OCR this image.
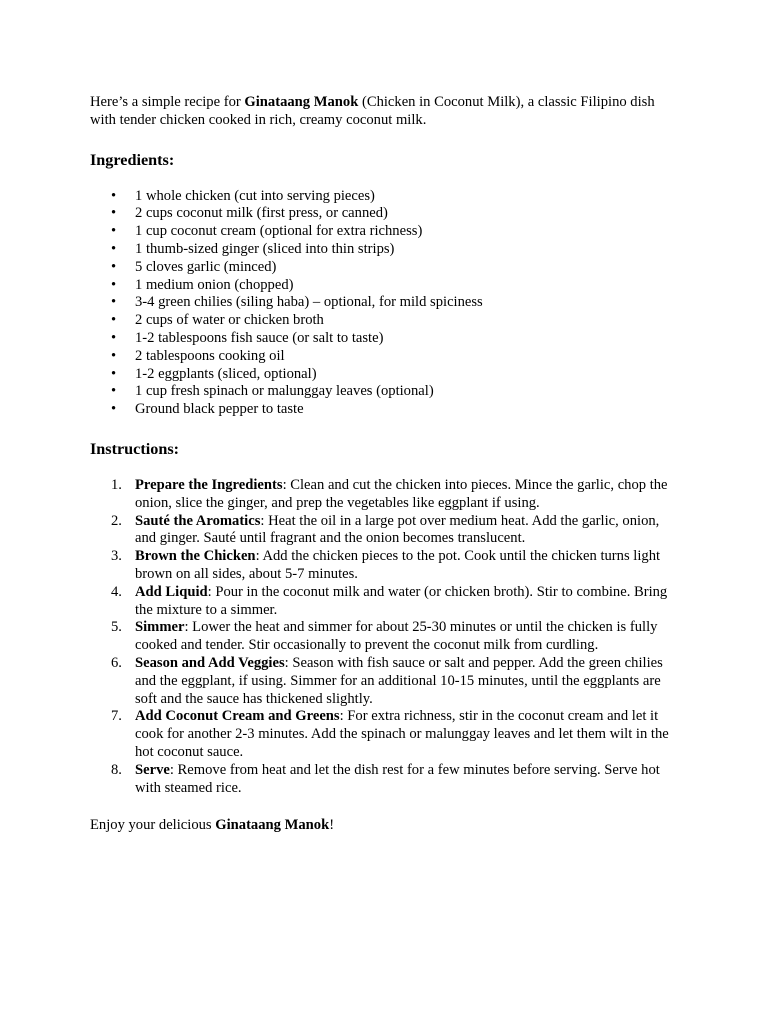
Here’s a simple recipe for Ginataang Manok (Chicken in Coconut Milk), a classic Filipino dish with tender chicken cooked in rich, creamy coconut milk.

Ingredients:
• 1 whole chicken (cut into serving pieces)
• 2 cups coconut milk (first press, or canned)
• 1 cup coconut cream (optional for extra richness)
• 1 thumb-sized ginger (sliced into thin strips)
• 5 cloves garlic (minced)
• 1 medium onion (chopped)
• 3-4 green chilies (siling haba) – optional, for mild spiciness
• 2 cups of water or chicken broth
• 1-2 tablespoons fish sauce (or salt to taste)
• 2 tablespoons cooking oil
• 1-2 eggplants (sliced, optional)
• 1 cup fresh spinach or malunggay leaves (optional)
• Ground black pepper to taste
Instructions:
1. Prepare the Ingredients: Clean and cut the chicken into pieces. Mince the garlic, chop the onion, slice the ginger, and prep the vegetables like eggplant if using.
2. Sauté the Aromatics: Heat the oil in a large pot over medium heat. Add the garlic, onion, and ginger. Sauté until fragrant and the onion becomes translucent.
3. Brown the Chicken: Add the chicken pieces to the pot. Cook until the chicken turns light brown on all sides, about 5-7 minutes.
4. Add Liquid: Pour in the coconut milk and water (or chicken broth). Stir to combine. Bring the mixture to a simmer.
5. Simmer: Lower the heat and simmer for about 25-30 minutes or until the chicken is fully cooked and tender. Stir occasionally to prevent the coconut milk from curdling.
6. Season and Add Veggies: Season with fish sauce or salt and pepper. Add the green chilies and the eggplant, if using. Simmer for an additional 10-15 minutes, until the eggplants are soft and the sauce has thickened slightly.
7. Add Coconut Cream and Greens: For extra richness, stir in the coconut cream and let it cook for another 2-3 minutes. Add the spinach or malunggay leaves and let them wilt in the hot coconut sauce.
8. Serve: Remove from heat and let the dish rest for a few minutes before serving. Serve hot with steamed rice.

Enjoy your delicious Ginataang Manok!
